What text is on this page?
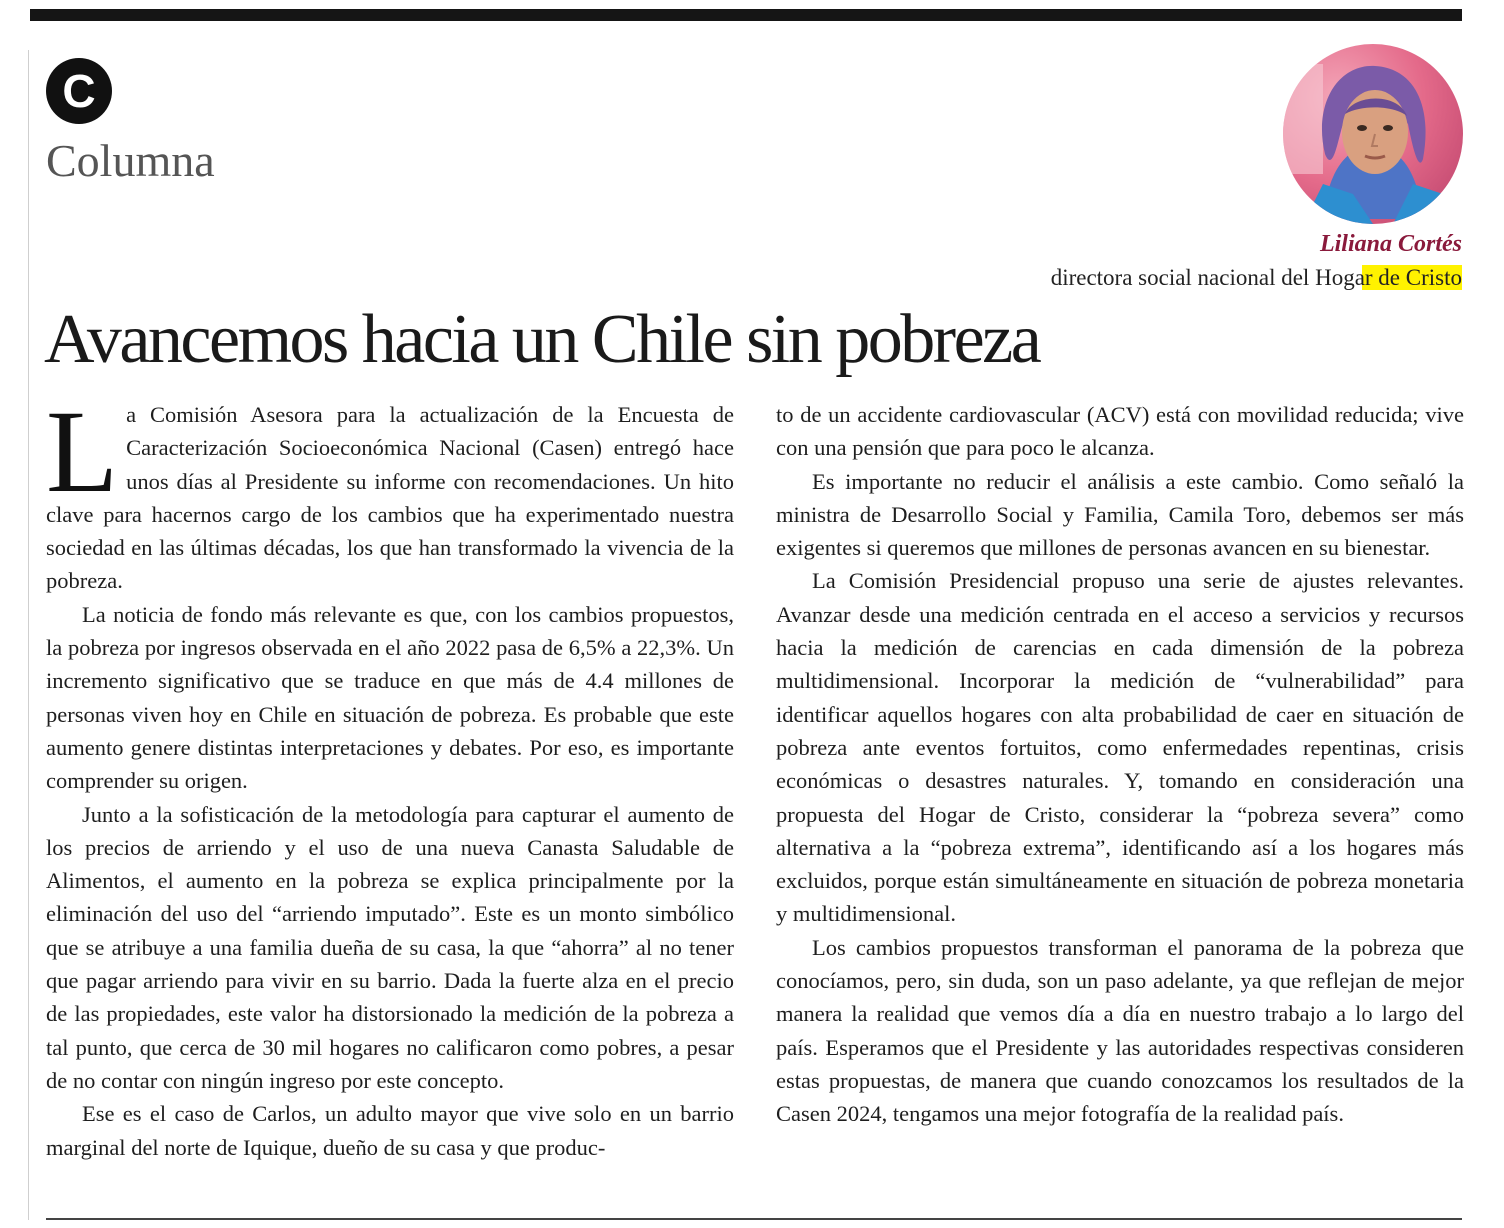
C
Columna
Liliana Cortés
directora social nacional del Hogar de Cristo
Avancemos hacia un Chile sin pobreza

La Comisión Asesora para la actualización de la Encuesta de Caracterización Socioeconómica Nacional (Casen) entregó hace unos días al Presidente su informe con recomendaciones. Un hito clave para hacernos cargo de los cambios que ha experimentado nuestra sociedad en las últimas décadas, los que han transformado la vivencia de la pobreza.

La noticia de fondo más relevante es que, con los cambios propuestos, la pobreza por ingresos observada en el año 2022 pasa de 6,5% a 22,3%. Un incremento significativo que se traduce en que más de 4.4 millones de personas viven hoy en Chile en situación de pobreza. Es probable que este aumento genere distintas interpretaciones y debates. Por eso, es importante comprender su origen.

Junto a la sofisticación de la metodología para capturar el aumento de los precios de arriendo y el uso de una nueva Canasta Saludable de Alimentos, el aumento en la pobreza se explica principalmente por la eliminación del uso del “arriendo imputado”. Este es un monto simbólico que se atribuye a una familia dueña de su casa, la que “ahorra” al no tener que pagar arriendo para vivir en su barrio. Dada la fuerte alza en el precio de las propiedades, este valor ha distorsionado la medición de la pobreza a tal punto, que cerca de 30 mil hogares no calificaron como pobres, a pesar de no contar con ningún ingreso por este concepto.

Ese es el caso de Carlos, un adulto mayor que vive solo en un barrio marginal del norte de Iquique, dueño de su casa y que produc-

to de un accidente cardiovascular (ACV) está con movilidad reducida; vive con una pensión que para poco le alcanza.

Es importante no reducir el análisis a este cambio. Como señaló la ministra de Desarrollo Social y Familia, Camila Toro, debemos ser más exigentes si queremos que millones de personas avancen en su bienestar.

La Comisión Presidencial propuso una serie de ajustes relevantes. Avanzar desde una medición centrada en el acceso a servicios y recursos hacia la medición de carencias en cada dimensión de la pobreza multidimensional. Incorporar la medición de “vulnerabilidad” para identificar aquellos hogares con alta probabilidad de caer en situación de pobreza ante eventos fortuitos, como enfermedades repentinas, crisis económicas o desastres naturales. Y, tomando en consideración una propuesta del Hogar de Cristo, considerar la “pobreza severa” como alternativa a la “pobreza extrema”, identificando así a los hogares más excluidos, porque están simultáneamente en situación de pobreza monetaria y multidimensional.

Los cambios propuestos transforman el panorama de la pobreza que conocíamos, pero, sin duda, son un paso adelante, ya que reflejan de mejor manera la realidad que vemos día a día en nuestro trabajo a lo largo del país. Esperamos que el Presidente y las autoridades respectivas consideren estas propuestas, de manera que cuando conozcamos los resultados de la Casen 2024, tengamos una mejor fotografía de la realidad país.
